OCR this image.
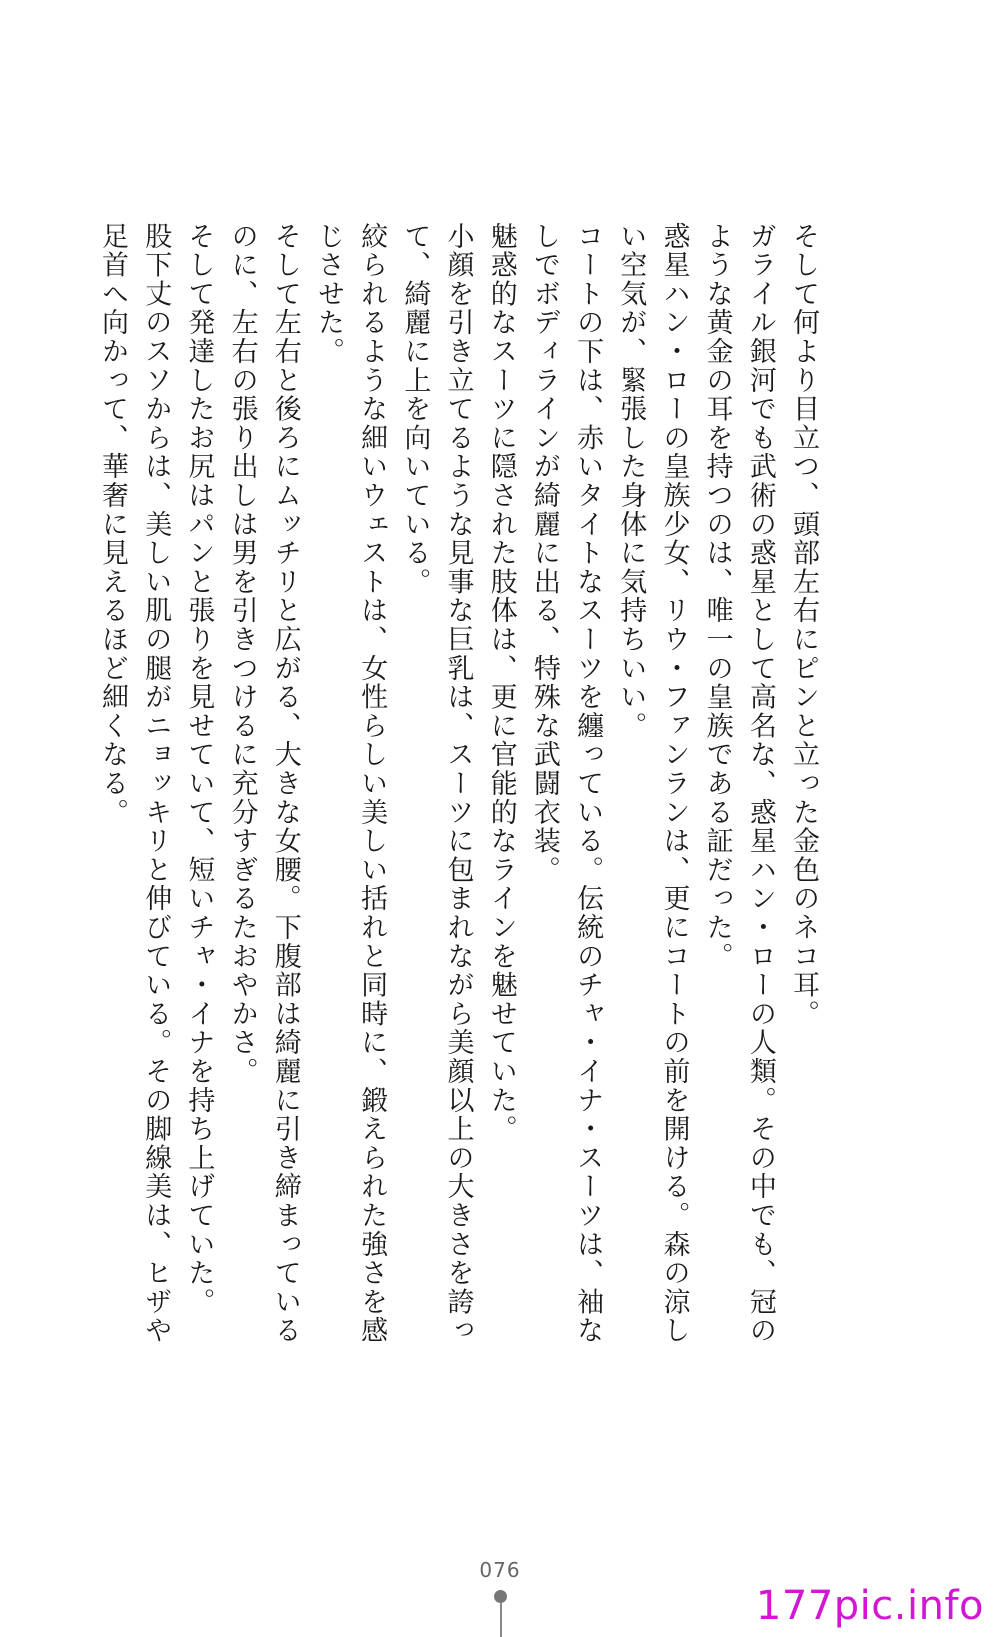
そして何より目立つ、頭部左右にピンと立った金色のネコ耳。
ガライル銀河でも武術の惑星として高名な、惑星ハン・ローの人類。その中でも、冠の
ような黄金の耳を持つのは、唯一の皇族である証だった。
惑星ハン・ローの皇族少女、リウ・ファンランは、更にコートの前を開ける。森の涼し
い空気が、緊張した身体に気持ちいい。
コートの下は、赤いタイトなスーツを纏っている。伝統のチャ・イナ・スーツは、袖な
しでボディラインが綺麗に出る、特殊な武闘衣装。
魅惑的なスーツに隠された肢体は、更に官能的なラインを魅せていた。
小顔を引き立てるような見事な巨乳は、スーツに包まれながら美顔以上の大きさを誇っ
て、綺麗に上を向いている。
絞られるような細いウェストは、女性らしい美しい括れと同時に、鍛えられた強さを感
じさせた。
そして左右と後ろにムッチリと広がる、大きな女腰。下腹部は綺麗に引き締まっている
のに、左右の張り出しは男を引きつけるに充分すぎるたおやかさ。
そして発達したお尻はパンと張りを見せていて、短いチャ・イナを持ち上げていた。
股下丈のスソからは、美しい肌の腿がニョッキリと伸びている。その脚線美は、ヒザや
足首へ向かって、華奢に見えるほど細くなる。
076
177pic.info
